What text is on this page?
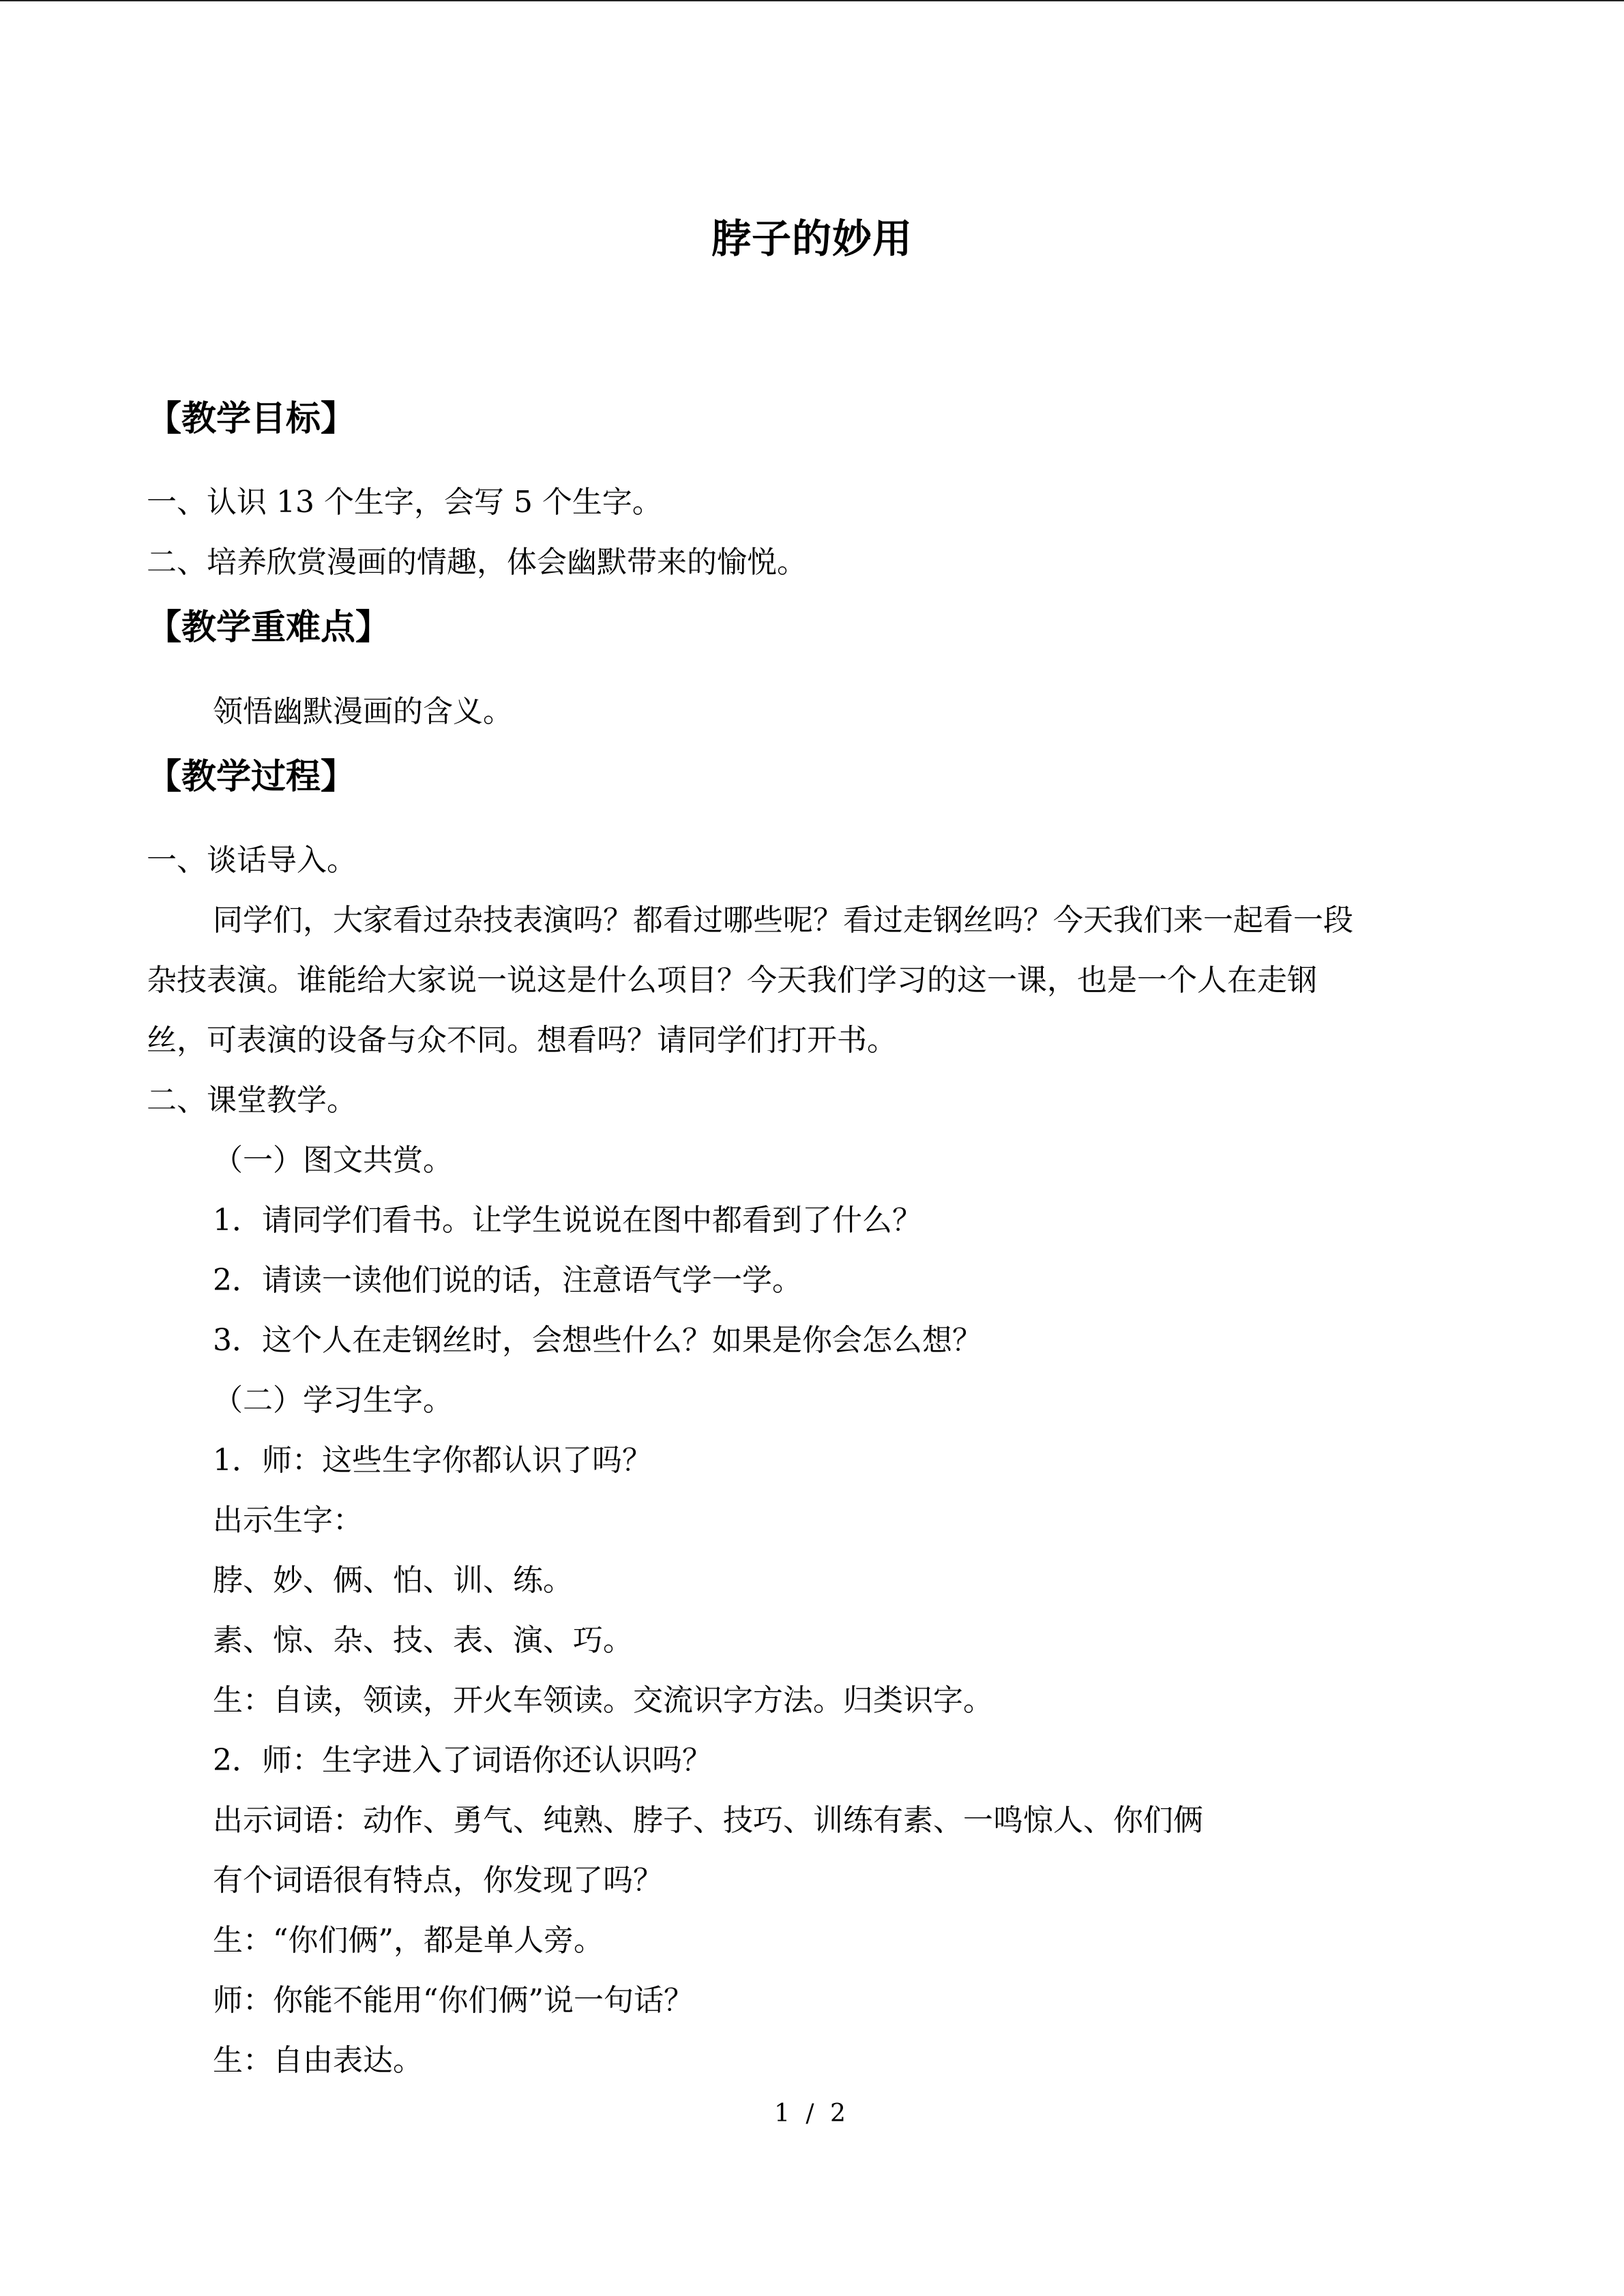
脖子的妙用
【教学目标】
一、认识 13 个生字，会写 5 个生字。
二、培养欣赏漫画的情趣，体会幽默带来的愉悦。
【教学重难点】
领悟幽默漫画的含义。
【教学过程】
一、谈话导入。
同学们，大家看过杂技表演吗？都看过哪些呢？看过走钢丝吗？今天我们来一起看一段
杂技表演。谁能给大家说一说这是什么项目？今天我们学习的这一课，也是一个人在走钢
丝，可表演的设备与众不同。想看吗？请同学们打开书。
二、课堂教学。
（一）图文共赏。
1．请同学们看书。让学生说说在图中都看到了什么？
2．请读一读他们说的话，注意语气学一学。
3．这个人在走钢丝时，会想些什么？如果是你会怎么想？
（二）学习生字。
1．师：这些生字你都认识了吗？
出示生字：
脖、妙、俩、怕、训、练。
素、惊、杂、技、表、演、巧。
生：自读，领读，开火车领读。交流识字方法。归类识字。
2．师：生字进入了词语你还认识吗？
出示词语：动作、勇气、纯熟、脖子、技巧、训练有素、一鸣惊人、你们俩
有个词语很有特点，你发现了吗？
生：“你们俩”，都是单人旁。
师：你能不能用“你们俩”说一句话？
生：自由表达。
1 / 2
